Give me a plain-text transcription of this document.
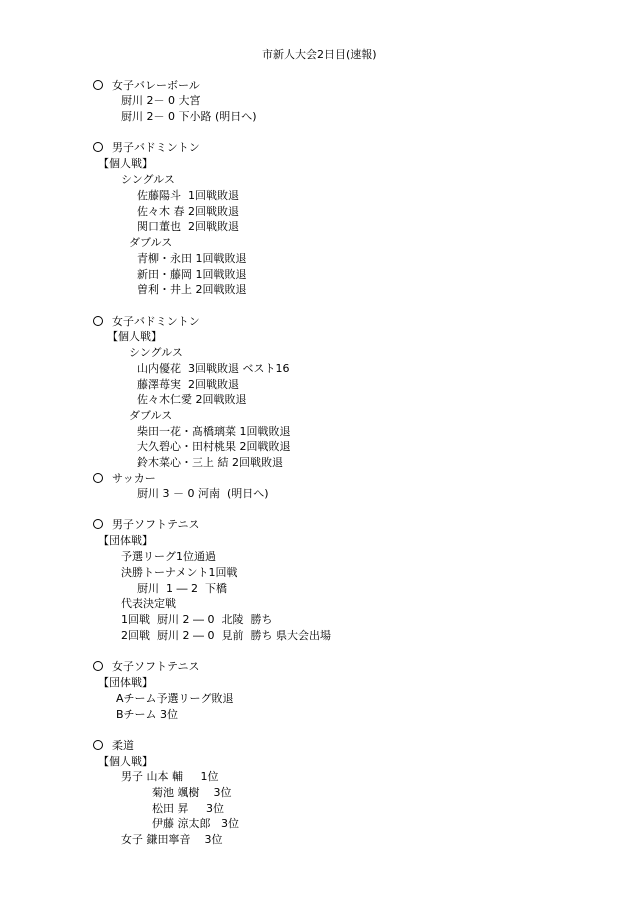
市新人大会2日目(速報)
女子バレーボール
厨川 2－ 0 大宮
厨川 2－ 0 下小路 (明日へ)
男子バドミントン
【個人戦】
シングルス
佐藤陽斗  1回戦敗退
佐々木 春 2回戦敗退
関口董也  2回戦敗退
ダブルス
青柳・永田 1回戦敗退
新田・藤岡 1回戦敗退
曽利・井上 2回戦敗退
女子バドミントン
【個人戦】
シングルス
山内優花  3回戦敗退 ベスト16
藤澤苺実  2回戦敗退
佐々木仁愛 2回戦敗退
ダブルス
柴田一花・髙橋璃菜 1回戦敗退
大久碧心・田村桃果 2回戦敗退
鈴木菜心・三上 結 2回戦敗退
サッカー
厨川 3 － 0 河南  (明日へ)
男子ソフトテニス
【団体戦】
予選リーグ1位通過
決勝トーナメント1回戦
厨川  1 ― 2  下橋
代表決定戦
1回戦  厨川 2 ― 0  北陵  勝ち
2回戦  厨川 2 ― 0  見前  勝ち 県大会出場
女子ソフトテニス
【団体戦】
Aチーム予選リーグ敗退
Bチーム 3位
柔道
【個人戦】
男子 山本 輔     1位
菊池 颯樹    3位
松田 昇     3位
伊藤 涼太郎   3位
女子 鎌田寧音    3位
